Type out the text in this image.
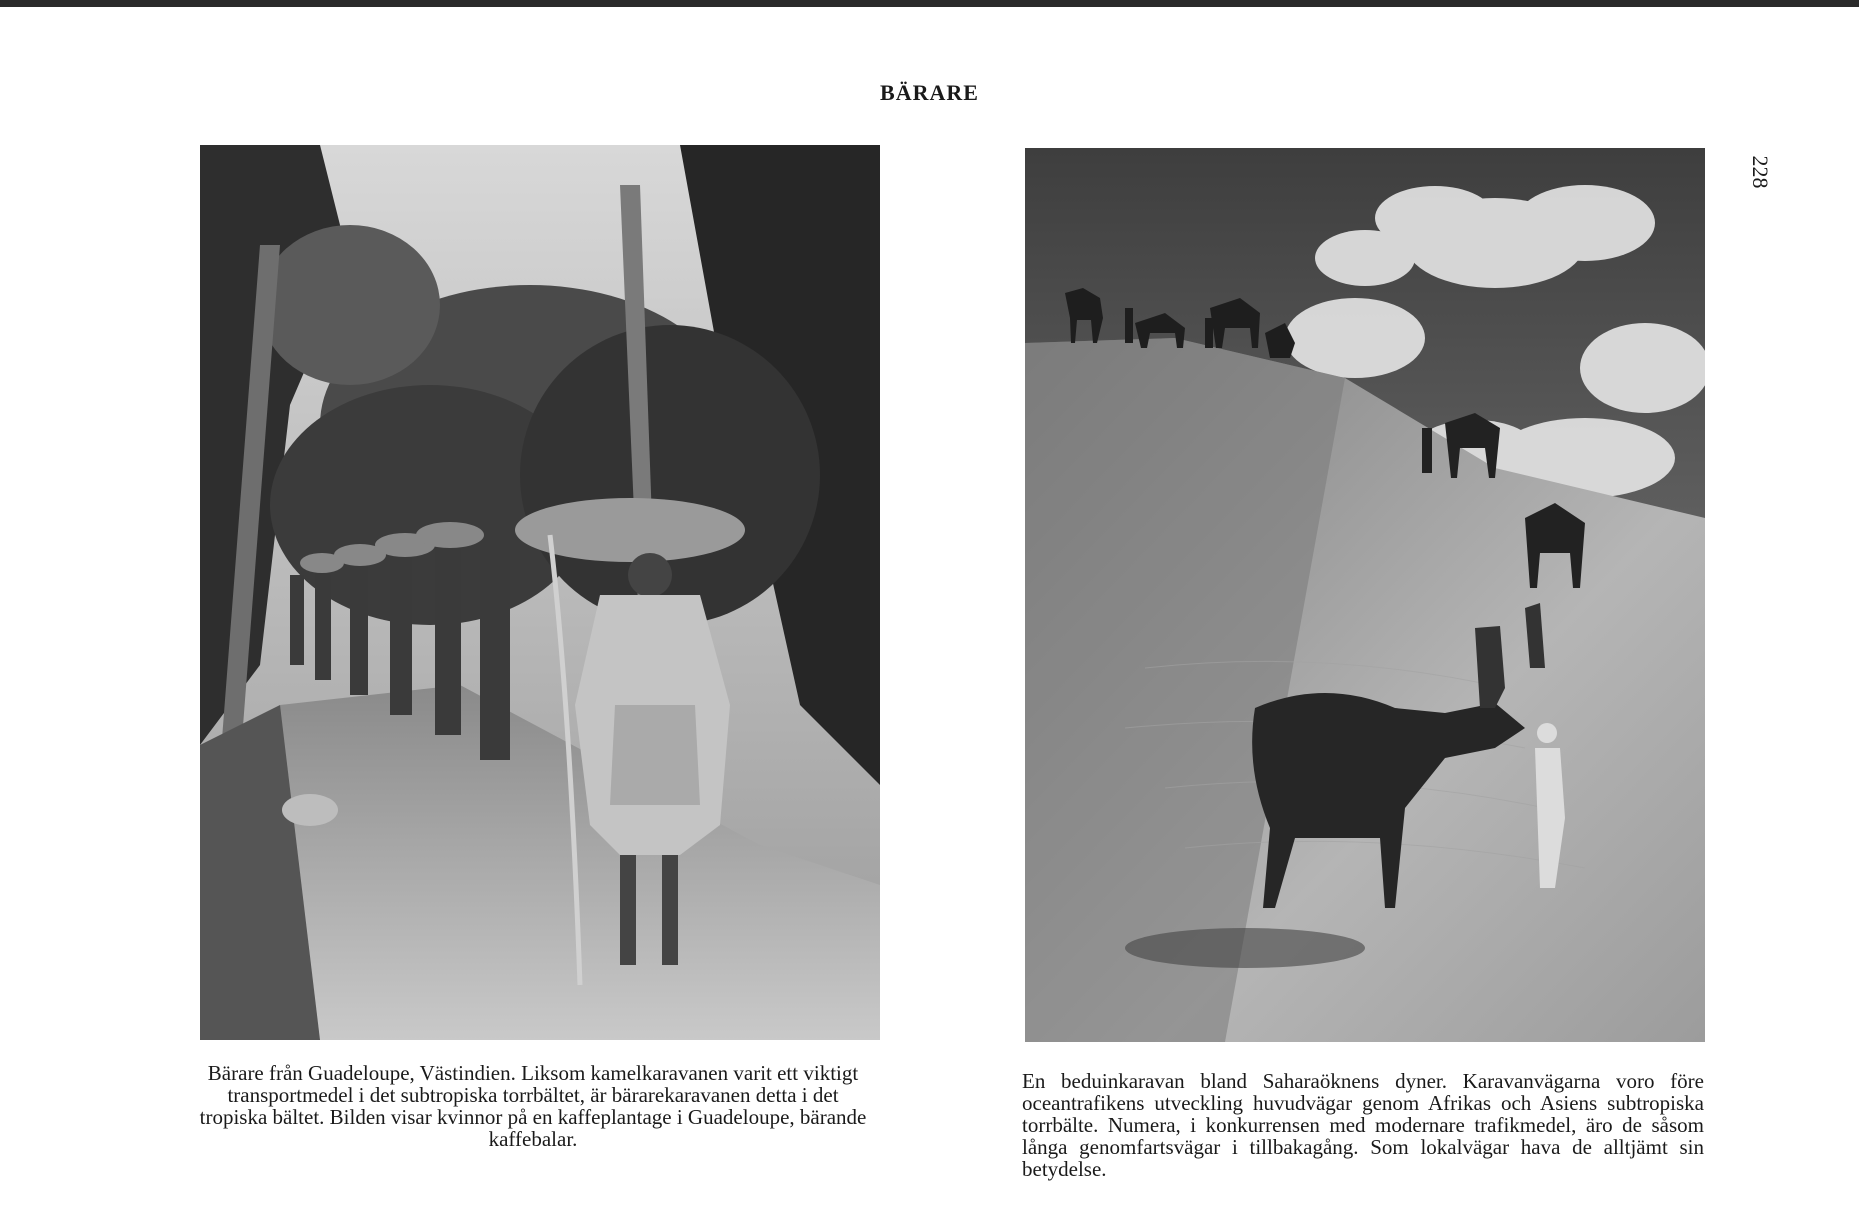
BÄRARE
228

Bärare från Guadeloupe, Västindien. Liksom kamelkaravanen varit ett viktigt transportmedel i det subtropiska torrbältet, är bärarekaravanen detta i det tropiska bältet. Bilden visar kvinnor på en kaffeplantage i Guadeloupe, bärande kaffebalar.

En beduinkaravan bland Saharaöknens dyner. Karavanvägarna voro före oceantrafikens utveckling huvudvägar genom Afrikas och Asiens subtropiska torrbälte. Numera, i konkurrensen med modernare trafikmedel, äro de såsom långa genomfartsvägar i tillbakagång. Som lokalvägar hava de alltjämt sin betydelse.
